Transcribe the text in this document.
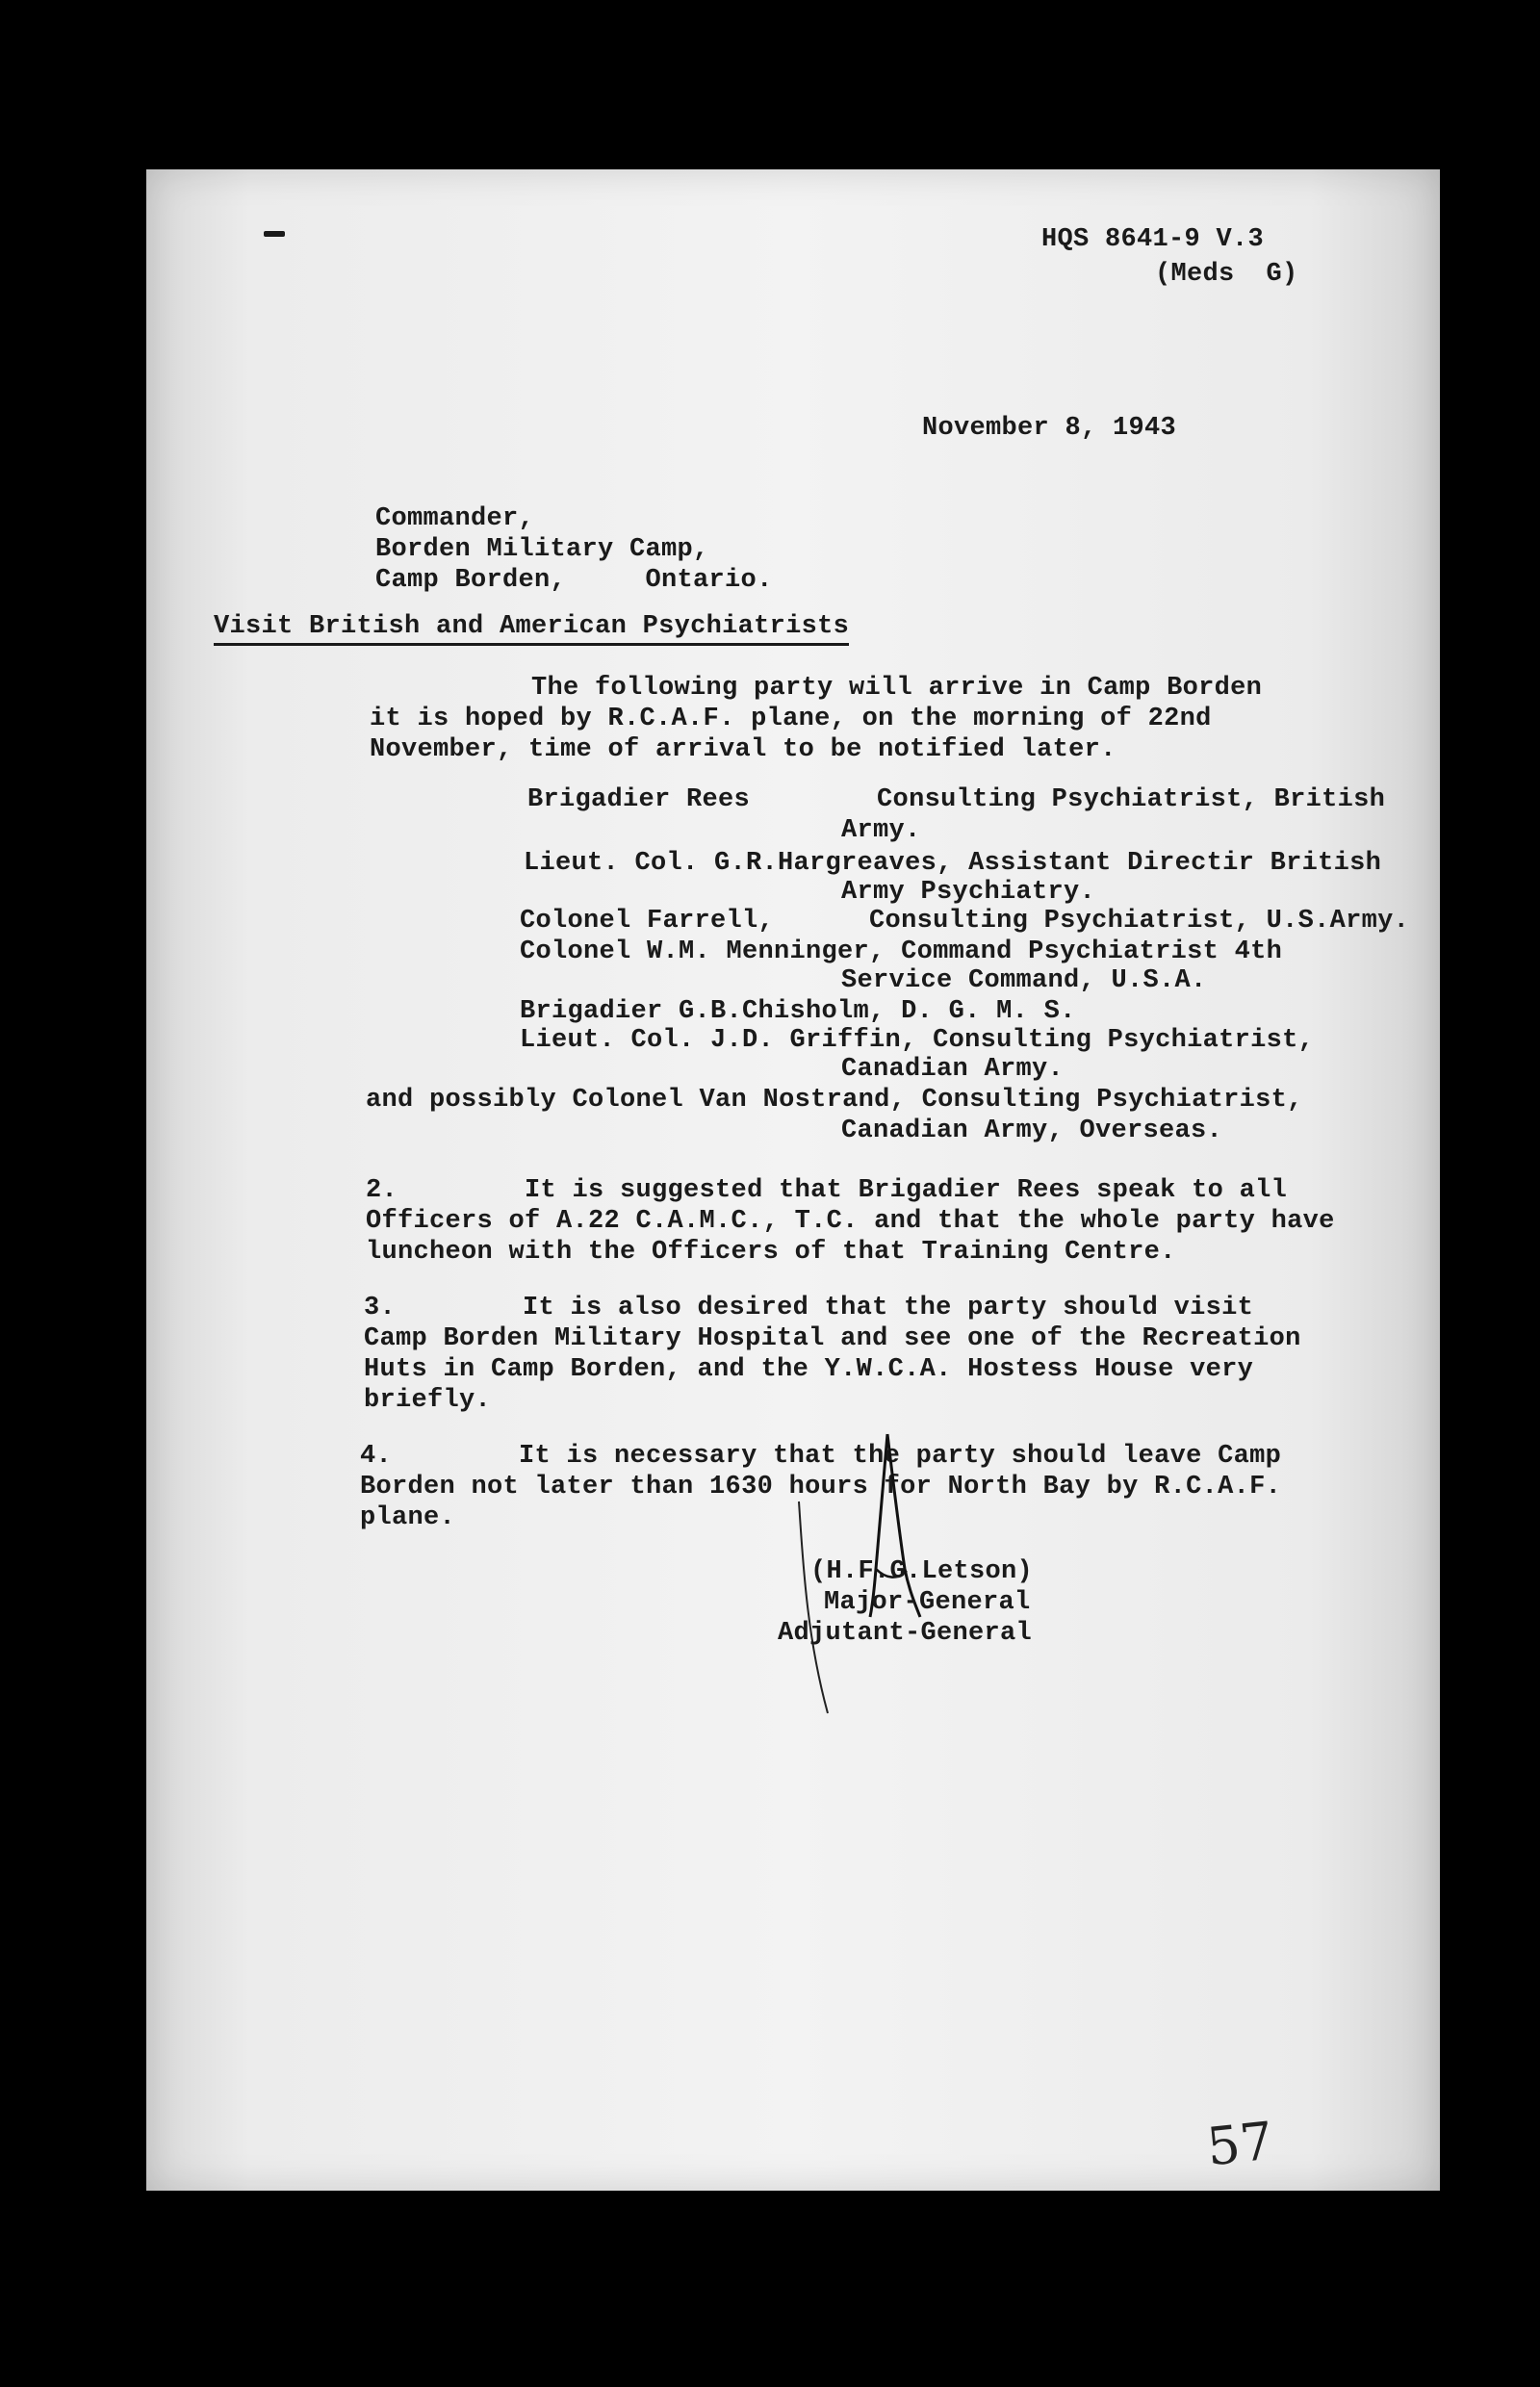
HQS 8641-9 V.3
(Meds  G)
November 8, 1943
Commander,
Borden Military Camp,
Camp Borden,     Ontario.
Visit British and American Psychiatrists
The following party will arrive in Camp Borden
it is hoped by R.C.A.F. plane, on the morning of 22nd
November, time of arrival to be notified later.
Brigadier Rees        Consulting Psychiatrist, British
Army.
Lieut. Col. G.R.Hargreaves, Assistant Directir British
Army Psychiatry.
Colonel Farrell,      Consulting Psychiatrist, U.S.Army.
Colonel W.M. Menninger, Command Psychiatrist 4th
Service Command, U.S.A.
Brigadier G.B.Chisholm, D. G. M. S.
Lieut. Col. J.D. Griffin, Consulting Psychiatrist,
Canadian Army.
and possibly Colonel Van Nostrand, Consulting Psychiatrist,
Canadian Army, Overseas.
2.        It is suggested that Brigadier Rees speak to all
Officers of A.22 C.A.M.C., T.C. and that the whole party have
luncheon with the Officers of that Training Centre.
3.        It is also desired that the party should visit
Camp Borden Military Hospital and see one of the Recreation
Huts in Camp Borden, and the Y.W.C.A. Hostess House very
briefly.
4.        It is necessary that the party should leave Camp
Borden not later than 1630 hours for North Bay by R.C.A.F.
plane.
(H.F.G.Letson)
Major-General
Adjutant-General
57
